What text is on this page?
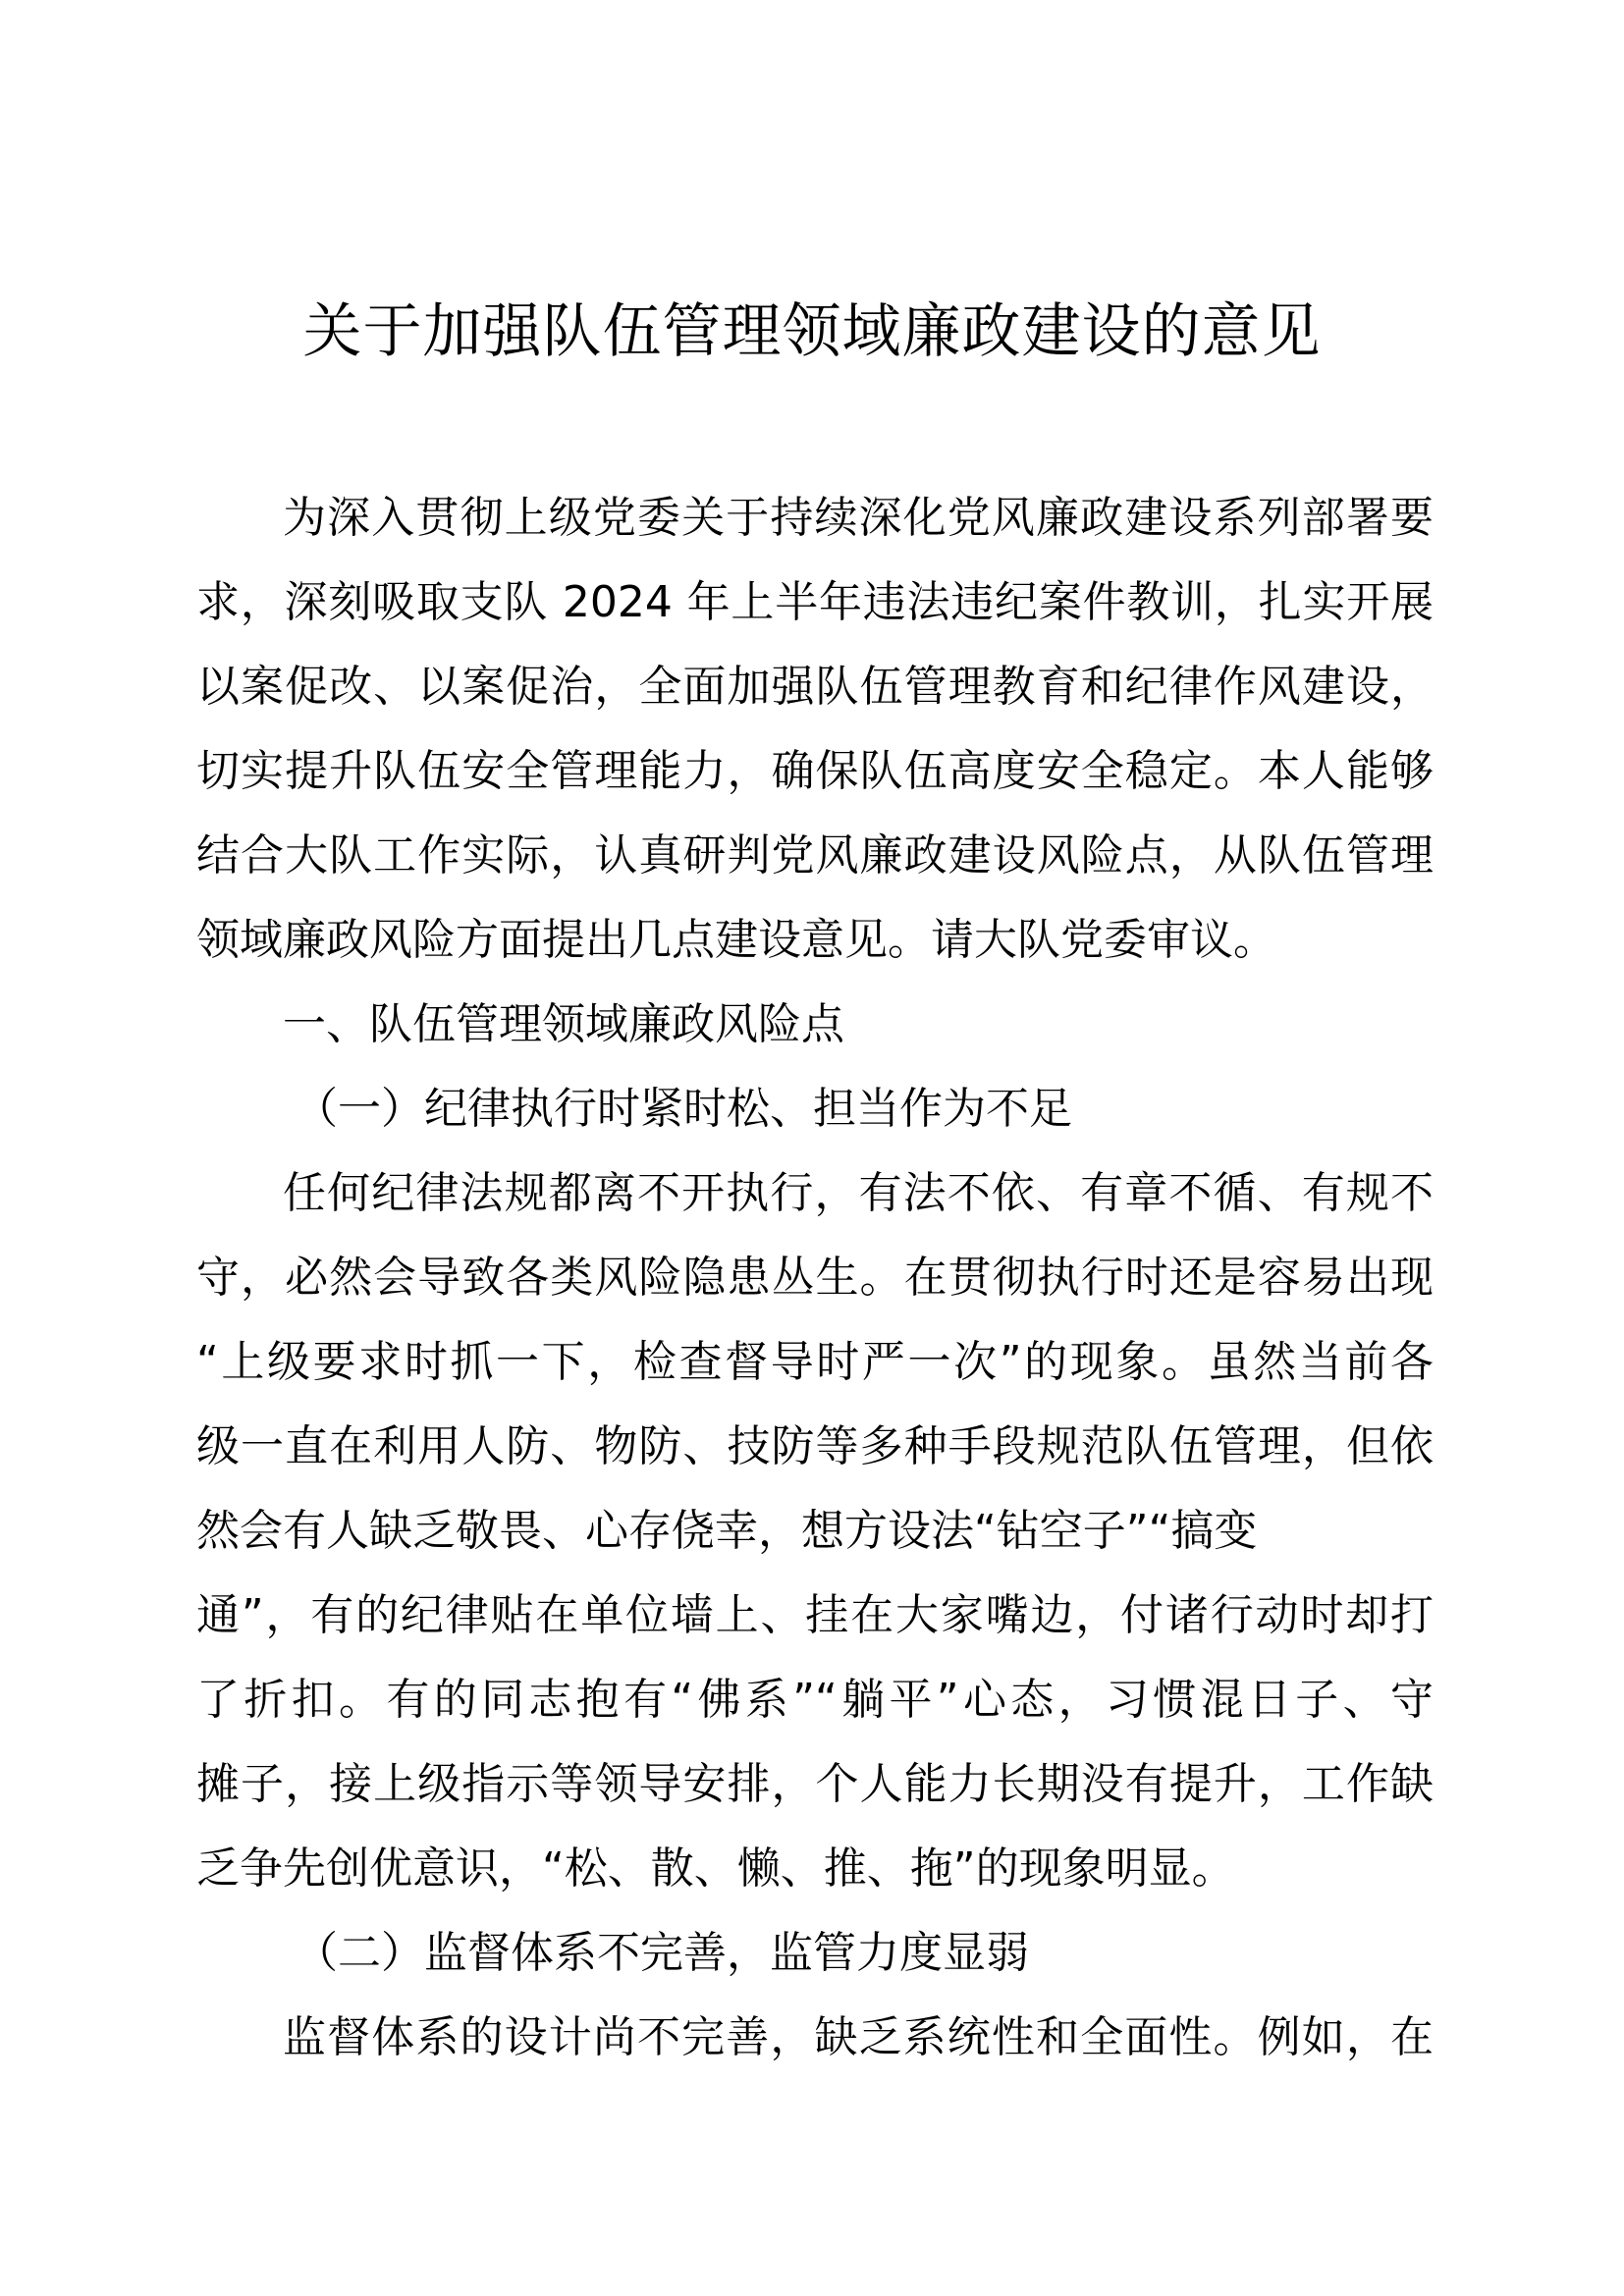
关于加强队伍管理领域廉政建设的意见
为深入贯彻上级党委关于持续深化党风廉政建设系列部署要
求，深刻吸取支队 2024 年上半年违法违纪案件教训，扎实开展
以案促改、以案促治，全面加强队伍管理教育和纪律作风建设，
切实提升队伍安全管理能力，确保队伍高度安全稳定。本人能够
结合大队工作实际，认真研判党风廉政建设风险点，从队伍管理
领域廉政风险方面提出几点建设意见。请大队党委审议。
一、队伍管理领域廉政风险点
（一）纪律执行时紧时松、担当作为不足
任何纪律法规都离不开执行，有法不依、有章不循、有规不
守，必然会导致各类风险隐患丛生。在贯彻执行时还是容易出现
“上级要求时抓一下，检查督导时严一次”的现象。虽然当前各
级一直在利用人防、物防、技防等多种手段规范队伍管理，但依
然会有人缺乏敬畏、心存侥幸，想方设法“钻空子”“搞变
通”，有的纪律贴在单位墙上、挂在大家嘴边，付诸行动时却打
了折扣。有的同志抱有“佛系”“躺平”心态，习惯混日子、守
摊子，接上级指示等领导安排，个人能力长期没有提升，工作缺
乏争先创优意识，“松、散、懒、推、拖”的现象明显。
（二）监督体系不完善，监管力度显弱
监督体系的设计尚不完善，缺乏系统性和全面性。例如，在
